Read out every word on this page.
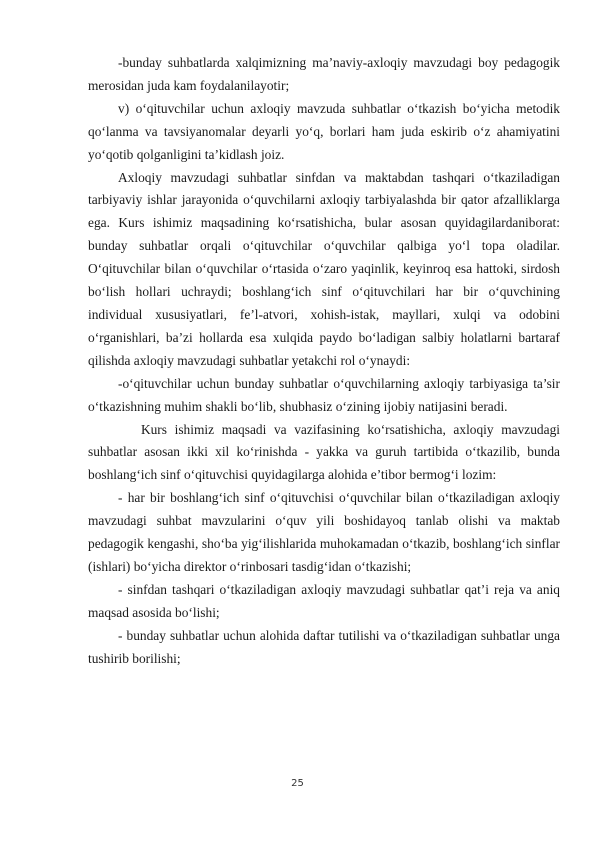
-bunday suhbatlarda xalqimizning ma’naviy-axloqiy mavzudagi boy pedagogik merosidan juda kam foydalanilayotir;

v) o‘qituvchilar uchun axloqiy mavzuda suhbatlar o‘tkazish bo‘yicha metodik qo‘lanma va tavsiyanomalar deyarli yo‘q, borlari ham juda eskirib o‘z ahamiyatini yo‘qotib qolganligini ta’kidlash joiz.

Axloqiy mavzudagi suhbatlar sinfdan va maktabdan tashqari o‘tkaziladigan tarbiyaviy ishlar jarayonida o‘quvchilarni axloqiy tarbiyalashda bir qator afzalliklarga ega. Kurs ishimiz maqsadining ko‘rsatishicha, bular asosan quyidagilardaniborat: bunday suhbatlar orqali o‘qituvchilar o‘quvchilar qalbiga yo‘l topa oladilar. O‘qituvchilar bilan o‘quvchilar o‘rtasida o‘zaro yaqinlik, keyinroq esa hattoki, sirdosh bo‘lish hollari uchraydi; boshlang‘ich sinf o‘qituvchilari har bir o‘quvchining individual xususiyatlari, fe’l-atvori, xohish-istak, mayllari, xulqi va odobini o‘rganishlari, ba’zi hollarda esa xulqida paydo bo‘ladigan salbiy holatlarni bartaraf qilishda axloqiy mavzudagi suhbatlar yetakchi rol o‘ynaydi:

-o‘qituvchilar uchun bunday suhbatlar o‘quvchilarning axloqiy tarbiyasiga ta’sir o‘tkazishning muhim shakli bo‘lib, shubhasiz o‘zining ijobiy natijasini beradi.

Kurs ishimiz maqsadi va vazifasining ko‘rsatishicha, axloqiy mavzudagi suhbatlar asosan ikki xil ko‘rinishda - yakka va guruh tartibida o‘tkazilib, bunda boshlang‘ich sinf o‘qituvchisi quyidagilarga alohida e’tibor bermog‘i lozim:

- har bir boshlang‘ich sinf o‘qituvchisi o‘quvchilar bilan o‘tkaziladigan axloqiy mavzudagi suhbat mavzularini o‘quv yili boshidayoq tanlab olishi va maktab pedagogik kengashi, sho‘ba yig‘ilishlarida muhokamadan o‘tkazib, boshlang‘ich sinflar (ishlari) bo‘yicha direktor o‘rinbosari tasdig‘idan o‘tkazishi;

- sinfdan tashqari o‘tkaziladigan axloqiy mavzudagi suhbatlar qat’i reja va aniq maqsad asosida bo‘lishi;

- bunday suhbatlar uchun alohida daftar tutilishi va o‘tkaziladigan suhbatlar unga tushirib borilishi;

25
